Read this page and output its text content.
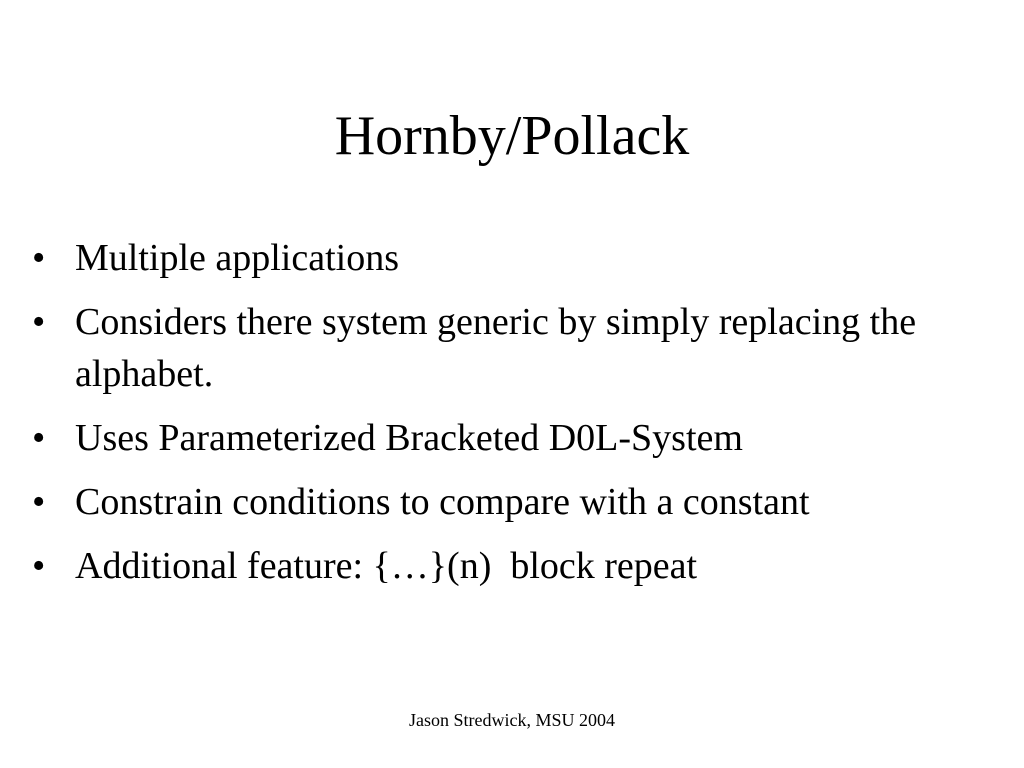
Hornby/Pollack
• Multiple applications
• Considers there system generic by simply replacing the alphabet.
• Uses Parameterized Bracketed D0L-System
• Constrain conditions to compare with a constant
• Additional feature: {…}(n)  block repeat
Jason Stredwick, MSU 2004
